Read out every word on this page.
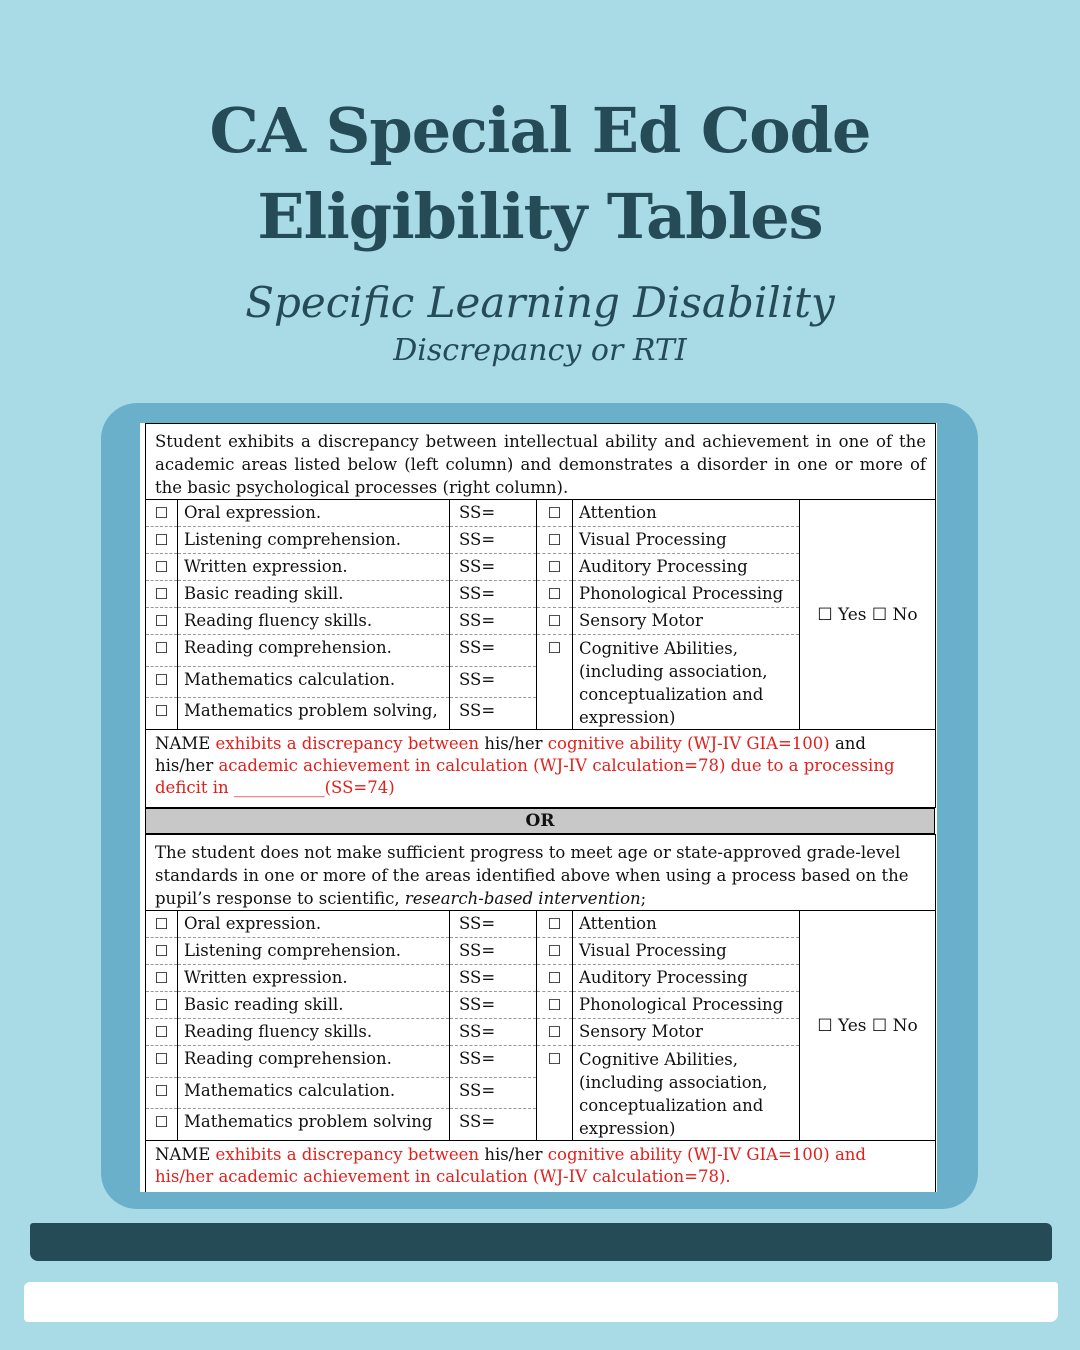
CA Special Ed Code
Eligibility Tables

Specific Learning Disability

Discrepancy or RTI

Student exhibits a discrepancy between intellectual ability and achievement in one of the academic areas listed below (left column) and demonstrates a disorder in one or more of the basic psychological processes (right column).					
☐	Oral expression.	SS=	☐	Attention	☐ Yes ☐ No
☐	Listening comprehension.	SS=	☐	Visual Processing	
☐	Written expression.	SS=	☐	Auditory Processing	
☐	Basic reading skill.	SS=	☐	Phonological Processing	
☐	Reading fluency skills.	SS=	☐	Sensory Motor	
☐	Reading comprehension.	SS=	☐	Cognitive Abilities, (including association, conceptualization and expression)	
☐	Mathematics calculation.	SS=			
☐	Mathematics problem solving,	SS=			
NAME exhibits a discrepancy between his/her cognitive ability (WJ-IV GIA=100) and his/her academic achievement in calculation (WJ-IV calculation=78) due to a processing deficit in ___________(SS=74)					
OR
The student does not make sufficient progress to meet age or state-approved grade-level standards in one or more of the areas identified above when using a process based on the pupil’s response to scientific, research-based intervention;					
☐	Oral expression.	SS=	☐	Attention	☐ Yes ☐ No
☐	Listening comprehension.	SS=	☐	Visual Processing	
☐	Written expression.	SS=	☐	Auditory Processing	
☐	Basic reading skill.	SS=	☐	Phonological Processing	
☐	Reading fluency skills.	SS=	☐	Sensory Motor	
☐	Reading comprehension.	SS=	☐	Cognitive Abilities, (including association, conceptualization and expression)	
☐	Mathematics calculation.	SS=			
☐	Mathematics problem solving	SS=			
NAME exhibits a discrepancy between his/her cognitive ability (WJ-IV GIA=100) and his/her academic achievement in calculation (WJ-IV calculation=78).					
